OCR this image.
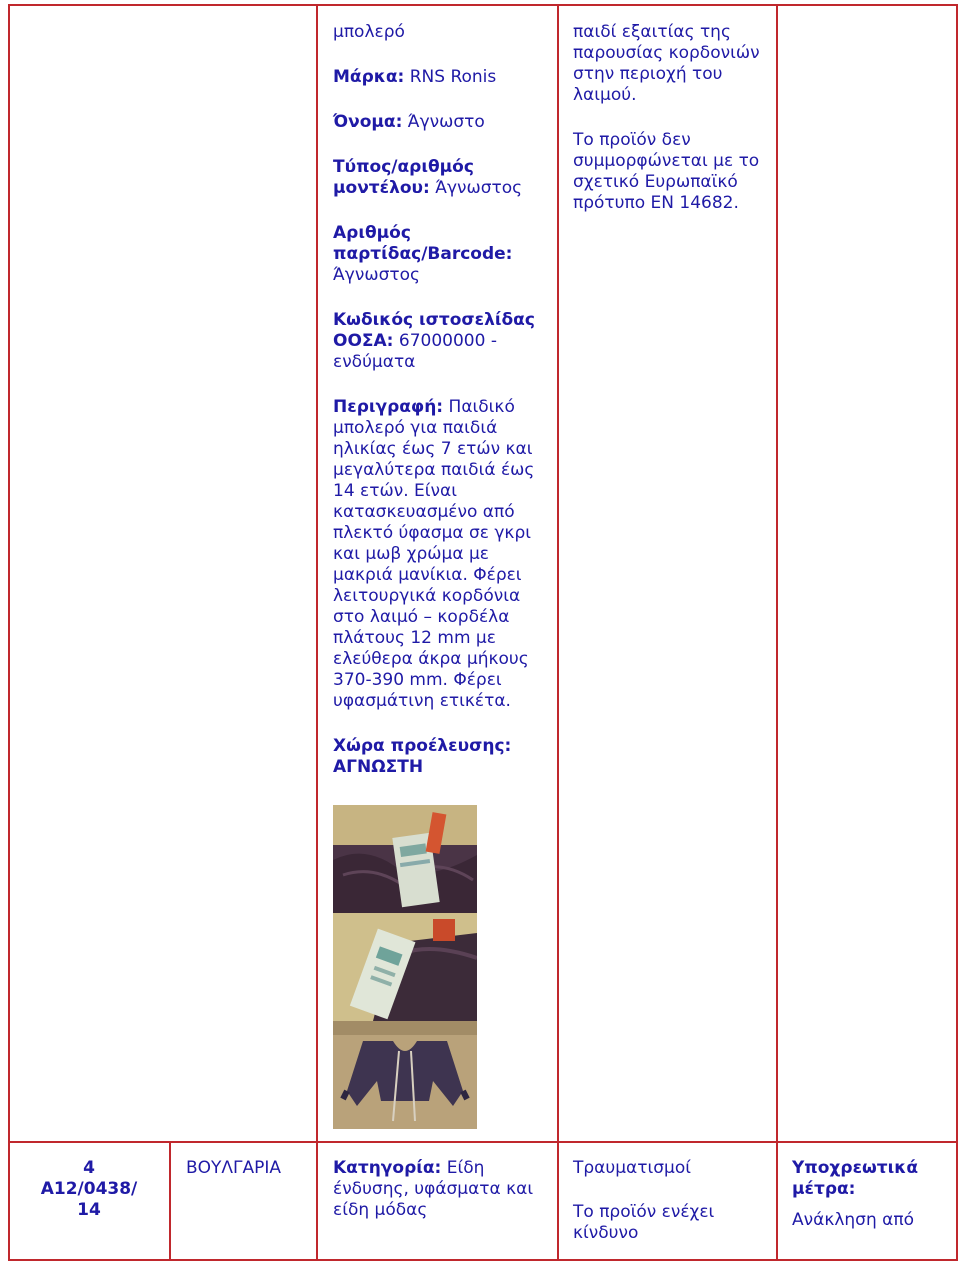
μπολερό

Μάρκα: RNS Ronis

Όνομα: Άγνωστο

Τύπος/αριθμός μοντέλου: Άγνωστος

Αριθμός παρτίδας/Barcode: Άγνωστος

Κωδικός ιστοσελίδας ΟΟΣΑ: 67000000 - ενδύματα

Περιγραφή: Παιδικό μπολερό για παιδιά ηλικίας έως 7 ετών και μεγαλύτερα παιδιά έως 14 ετών. Είναι κατασκευασμένο από πλεκτό ύφασμα σε γκρι και μωβ χρώμα με μακριά μανίκια. Φέρει λειτουργικά κορδόνια στο λαιμό – κορδέλα πλάτους 12 mm με ελεύθερα άκρα μήκους 370-390 mm. Φέρει υφασμάτινη ετικέτα.

Χώρα προέλευσης: ΑΓΝΩΣΤΗ

παιδί εξαιτίας της παρουσίας κορδονιών στην περιοχή του λαιμού.

Το προϊόν δεν συμμορφώνεται με το σχετικό Ευρωπαϊκό πρότυπο EN 14682.

4
A12/0438/ 14
ΒΟΥΛΓΑΡΙΑ	Κατηγορία: Είδη ένδυσης, υφάσματα και είδη μόδας

Τραυματισμοί

Το προϊόν ενέχει κίνδυνο

Υποχρεωτικά μέτρα:

Ανάκληση από
